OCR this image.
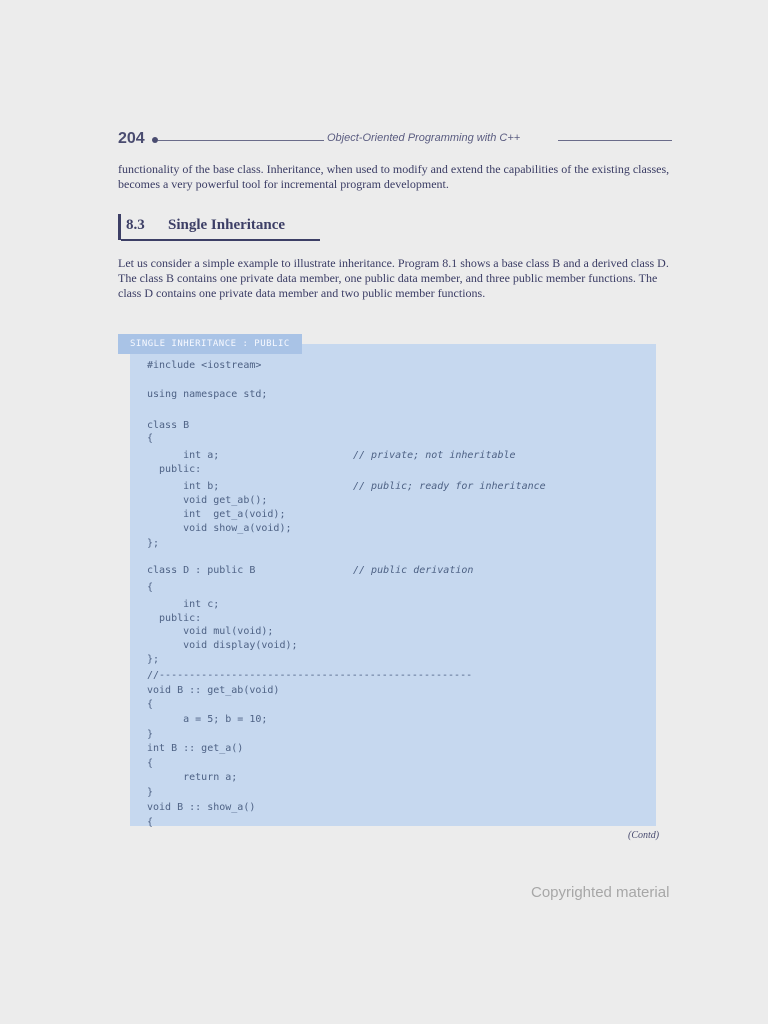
204	Object-Oriented Programming with C++

functionality of the base class. Inheritance, when used to modify and extend the capabilities of the existing classes, becomes a very powerful tool for incremental program development.

8.3 Single Inheritance

Let us consider a simple example to illustrate inheritance. Program 8.1 shows a base class B and a derived class D. The class B contains one private data member, one public data member, and three public member functions. The class D contains one private data member and two public member functions.

SINGLE INHERITANCE : PUBLIC
#include <iostream>
using namespace std;
class B
{
int a;	// private; not inheritable
public:
int b;	// public; ready for inheritance
void get_ab();
int  get_a(void);
void show_a(void);
};
class D : public B	// public derivation
{
int c;
public:
void mul(void);
void display(void);
};
//----------------------------------------------------
void B :: get_ab(void)
{
a = 5; b = 10;
}
int B :: get_a()
{
return a;
}
void B :: show_a()
{
(Contd)
Copyrighted material
